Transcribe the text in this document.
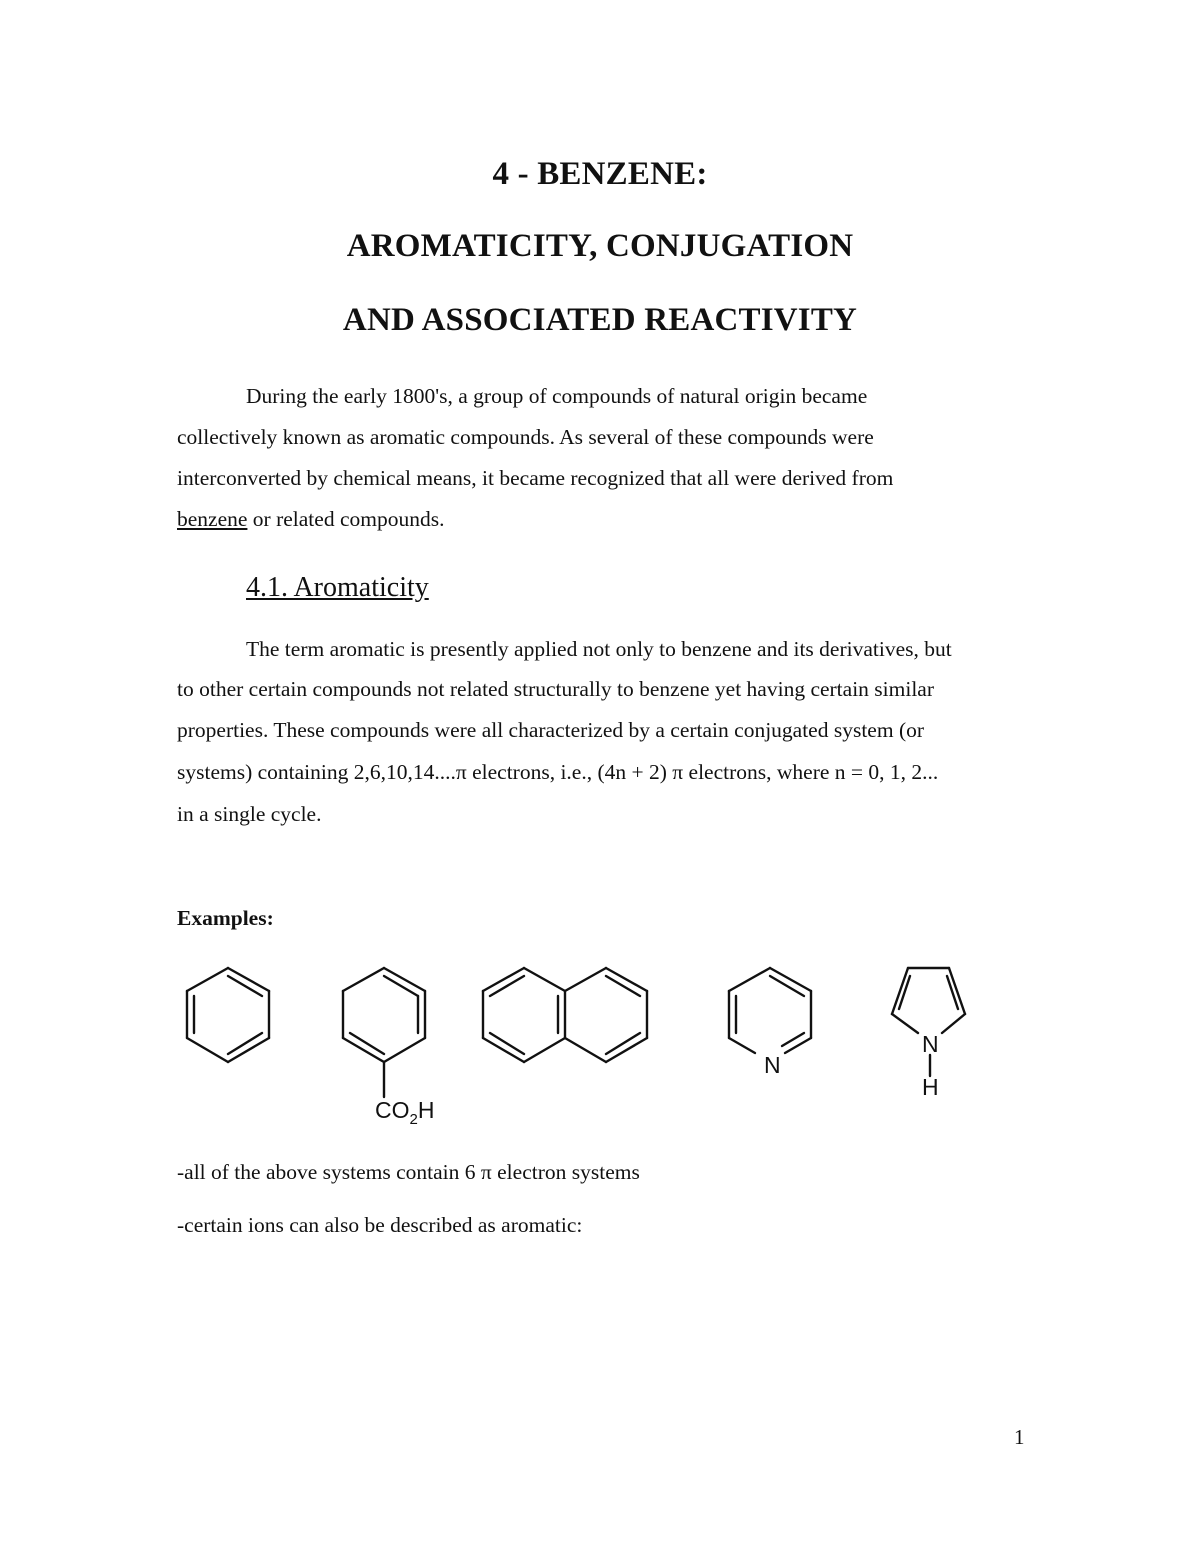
4 - BENZENE:
AROMATICITY, CONJUGATION
AND ASSOCIATED REACTIVITY
During the early 1800's, a group of compounds of natural origin became
collectively known as aromatic compounds. As several of these compounds were
interconverted by chemical means, it became recognized that all were derived from
benzene or related compounds.
4.1. Aromaticity
The term aromatic is presently applied not only to benzene and its derivatives, but
to other certain compounds not related structurally to benzene yet having certain similar
properties. These compounds were all characterized by a certain conjugated system (or
systems) containing 2,6,10,14....π electrons, i.e., (4n + 2) π electrons, where n = 0, 1, 2...
in a single cycle.
Examples:
$CO_2H$
N
N
H
-all of the above systems contain 6 π electron systems
-certain ions can also be described as aromatic:
1
